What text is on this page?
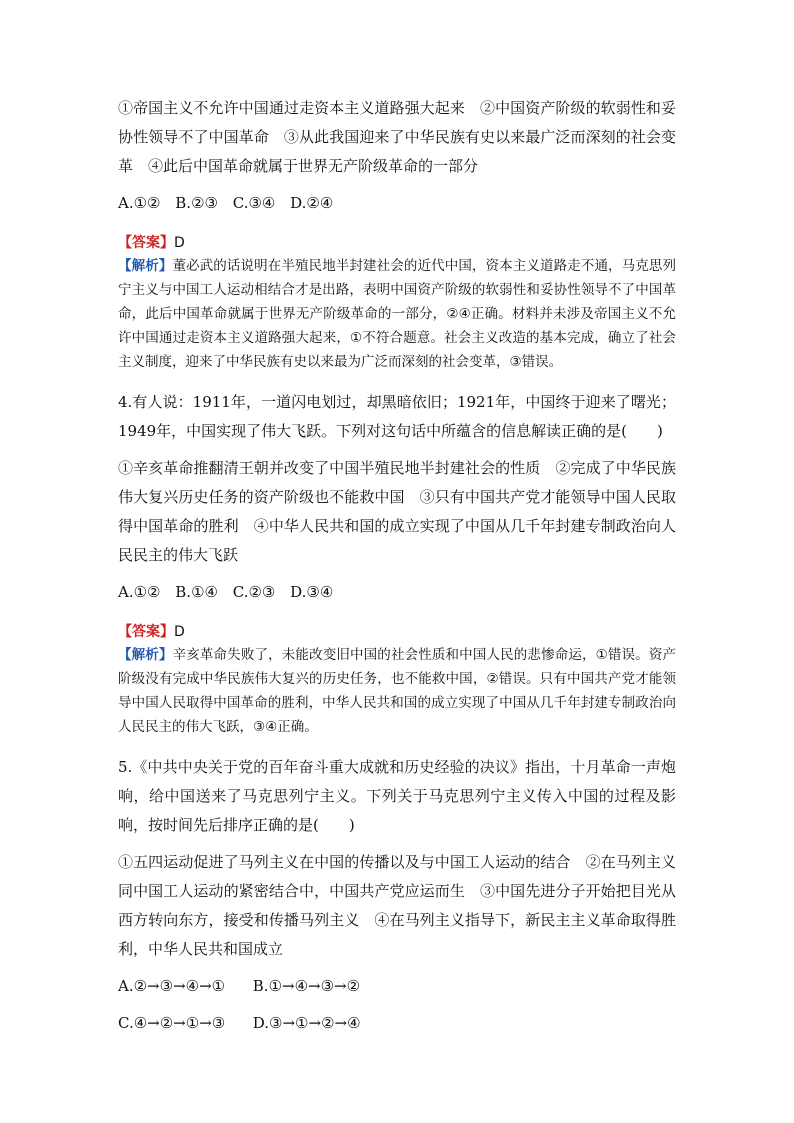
①帝国主义不允许中国通过走资本主义道路强大起来　②中国资产阶级的软弱性和妥协性领导不了中国革命　③从此我国迎来了中华民族有史以来最广泛而深刻的社会变革　④此后中国革命就属于世界无产阶级革命的一部分

A.①② B.②③ C.③④ D.②④

【答案】D

【解析】董必武的话说明在半殖民地半封建社会的近代中国，资本主义道路走不通，马克思列宁主义与中国工人运动相结合才是出路，表明中国资产阶级的软弱性和妥协性领导不了中国革命，此后中国革命就属于世界无产阶级革命的一部分，②④正确。材料并未涉及帝国主义不允许中国通过走资本主义道路强大起来，①不符合题意。社会主义改造的基本完成，确立了社会主义制度，迎来了中华民族有史以来最为广泛而深刻的社会变革，③错误。

4.有人说：1911年，一道闪电划过，却黑暗依旧；1921年，中国终于迎来了曙光；1949年，中国实现了伟大飞跃。下列对这句话中所蕴含的信息解读正确的是(　　)

①辛亥革命推翻清王朝并改变了中国半殖民地半封建社会的性质　②完成了中华民族伟大复兴历史任务的资产阶级也不能救中国　③只有中国共产党才能领导中国人民取得中国革命的胜利　④中华人民共和国的成立实现了中国从几千年封建专制政治向人民民主的伟大飞跃

A.①② B.①④ C.②③ D.③④

【答案】D

【解析】辛亥革命失败了，未能改变旧中国的社会性质和中国人民的悲惨命运，①错误。资产阶级没有完成中华民族伟大复兴的历史任务，也不能救中国，②错误。只有中国共产党才能领导中国人民取得中国革命的胜利，中华人民共和国的成立实现了中国从几千年封建专制政治向人民民主的伟大飞跃，③④正确。

5.《中共中央关于党的百年奋斗重大成就和历史经验的决议》指出，十月革命一声炮响，给中国送来了马克思列宁主义。下列关于马克思列宁主义传入中国的过程及影响，按时间先后排序正确的是(　　)

①五四运动促进了马列主义在中国的传播以及与中国工人运动的结合　②在马列主义同中国工人运动的紧密结合中，中国共产党应运而生　③中国先进分子开始把目光从西方转向东方，接受和传播马列主义　④在马列主义指导下，新民主主义革命取得胜利，中华人民共和国成立

A.②→③→④→① B.①→④→③→②

C.④→②→①→③ D.③→①→②→④
